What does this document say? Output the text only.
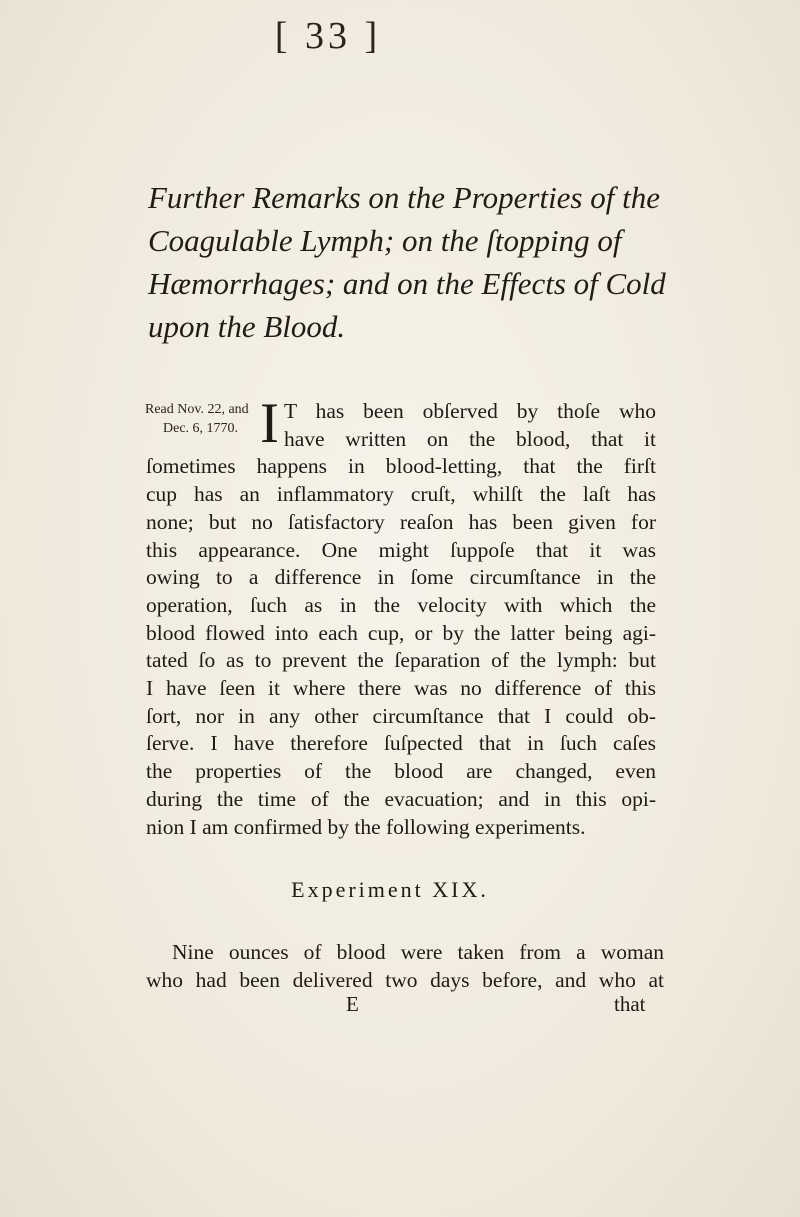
[ 33 ]
Further Remarks on the Properties of the
Coagulable Lymph; on the ſtopping of
Hæmorrhages; and on the Effects of Cold
upon the Blood.
Read Nov. 22, and
Dec. 6, 1770. I T has been obſerved by thoſe who
have written on the blood, that it
ſometimes happens in blood-letting, that the firſt
cup has an inflammatory cruſt, whilſt the laſt has
none; but no ſatisfactory reaſon has been given for
this appearance. One might ſuppoſe that it was
owing to a difference in ſome circumſtance in the
operation, ſuch as in the velocity with which the
blood flowed into each cup, or by the latter being agi-
tated ſo as to prevent the ſeparation of the lymph: but
I have ſeen it where there was no difference of this
ſort, nor in any other circumſtance that I could ob-
ſerve. I have therefore ſuſpected that in ſuch caſes
the properties of the blood are changed, even
during the time of the evacuation; and in this opi-
nion I am confirmed by the following experiments.
Experiment XIX.
Nine ounces of blood were taken from a woman
who had been delivered two days before, and who at
E	that
